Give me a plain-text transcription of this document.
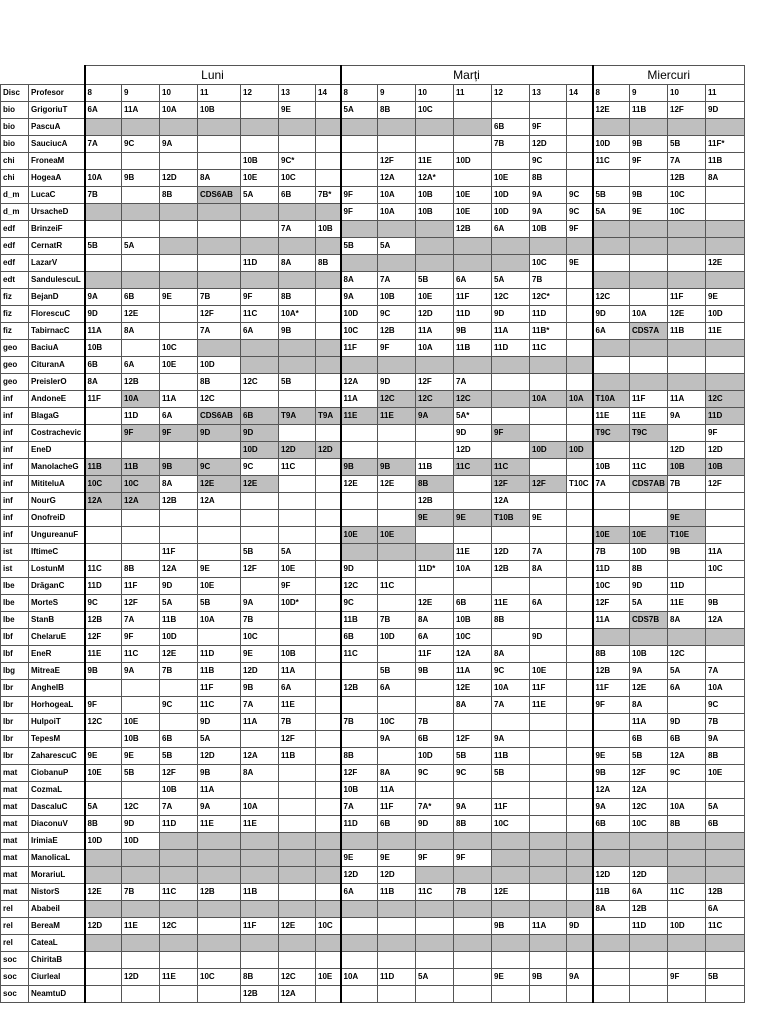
		Luni							Marți							Miercuri			
Disc	Profesor	8	9	10	11	12	13	14	8	9	10	11	12	13	14	8	9	10	11
bio	GrigoriuT	6A	11A	10A	10B		9E		5A	8B	10C					12E	11B	12F	9D
bio	PascuA												6B	9F					
bio	SauciucA	7A	9C	9A									7B	12D		10D	9B	5B	11F*
chi	FroneaM					10B	9C*			12F	11E	10D		9C		11C	9F	7A	11B
chi	HogeaA	10A	9B	12D	8A	10E	10C			12A	12A*		10E	8B				12B	8A
d_m	LucaC	7B		8B	CDS6AB	5A	6B	7B*	9F	10A	10B	10E	10D	9A	9C	5B	9B	10C	
d_m	UrsacheD								9F	10A	10B	10E	10D	9A	9C	5A	9E	10C	
edf	BrinzeiF						7A	10B				12B	6A	10B	9F				
edf	CernatR	5B	5A						5B	5A									
edf	LazarV					11D	8A	8B						10C	9E				12E
edt	SandulescuL								8A	7A	5B	6A	5A	7B					
fiz	BejanD	9A	6B	9E	7B	9F	8B		9A	10B	10E	11F	12C	12C*		12C		11F	9E
fiz	FlorescuC	9D	12E		12F	11C	10A*		10D	9C	12D	11D	9D	11D		9D	10A	12E	10D
fiz	TabirnacC	11A	8A		7A	6A	9B		10C	12B	11A	9B	11A	11B*		6A	CDS7A	11B	11E
geo	BaciuA	10B		10C					11F	9F	10A	11B	11D	11C					
geo	CituranA	6B	6A	10E	10D														
geo	PreislerO	8A	12B		8B	12C	5B		12A	9D	12F	7A							
inf	AndoneE	11F	10A	11A	12C				11A	12C	12C	12C		10A	10A	T10A	11F	11A	12C
inf	BlagaG		11D	6A	CDS6AB	6B	T9A	T9A	11E	11E	9A	5A*				11E	11E	9A	11D
inf	Costrachevic		9F	9F	9D	9D						9D	9F			T9C	T9C		9F
inf	EneD					10D	12D	12D				12D		10D	10D			12D	12D
inf	ManolacheG	11B	11B	9B	9C	9C	11C		9B	9B	11B	11C	11C			10B	11C	10B	10B
inf	MititeluA	10C	10C	8A	12E	12E			12E	12E	8B		12F	12F	T10C	7A	CDS7AB	7B	12F
inf	NourG	12A	12A	12B	12A						12B		12A						
inf	OnofreiD										9E	9E	T10B	9E				9E	
inf	UngureanuF								10E	10E						10E	10E	T10E	
ist	IftimeC			11F		5B	5A					11E	12D	7A		7B	10D	9B	11A
ist	LostunM	11C	8B	12A	9E	12F	10E		9D		11D*	10A	12B	8A		11D	8B		10C
lbe	DrăganC	11D	11F	9D	10E		9F		12C	11C						10C	9D	11D	
lbe	MorteS	9C	12F	5A	5B	9A	10D*		9C		12E	6B	11E	6A		12F	5A	11E	9B
lbe	StanB	12B	7A	11B	10A	7B			11B	7B	8A	10B	8B			11A	CDS7B	8A	12A
lbf	ChelaruE	12F	9F	10D		10C			6B	10D	6A	10C		9D					
lbf	EneR	11E	11C	12E	11D	9E	10B		11C		11F	12A	8A			8B	10B	12C	
lbg	MitreaE	9B	9A	7B	11B	12D	11A			5B	9B	11A	9C	10E		12B	9A	5A	7A
lbr	AnghelB				11F	9B	6A		12B	6A		12E	10A	11F		11F	12E	6A	10A
lbr	HorhogeaL	9F		9C	11C	7A	11E					8A	7A	11E		9F	8A		9C
lbr	HulpoiT	12C	10E		9D	11A	7B		7B	10C	7B						11A	9D	7B
lbr	TepesM		10B	6B	5A		12F			9A	6B	12F	9A				6B	6B	9A
lbr	ZaharescuC	9E	9E	5B	12D	12A	11B		8B		10D	5B	11B			9E	5B	12A	8B
mat	CiobanuP	10E	5B	12F	9B	8A			12F	8A	9C	9C	5B			9B	12F	9C	10E
mat	CozmaL			10B	11A				10B	11A						12A	12A		
mat	DascaluC	5A	12C	7A	9A	10A			7A	11F	7A*	9A	11F			9A	12C	10A	5A
mat	DiaconuV	8B	9D	11D	11E	11E			11D	6B	9D	8B	10C			6B	10C	8B	6B
mat	IrimiaE	10D	10D																
mat	ManolicaL								9E	9E	9F	9F							
mat	MorariuL								12D	12D						12D	12D		
mat	NistorS	12E	7B	11C	12B	11B			6A	11B	11C	7B	12E			11B	6A	11C	12B
rel	AbabeiI															8A	12B		6A
rel	BereaM	12D	11E	12C		11F	12E	10C					9B	11A	9D		11D	10D	11C
rel	CateaL																		
soc	ChiritaB																		
soc	Ciurleal		12D	11E	10C	8B	12C	10E	10A	11D	5A		9E	9B	9A			9F	5B
soc	NeamtuD					12B	12A												
